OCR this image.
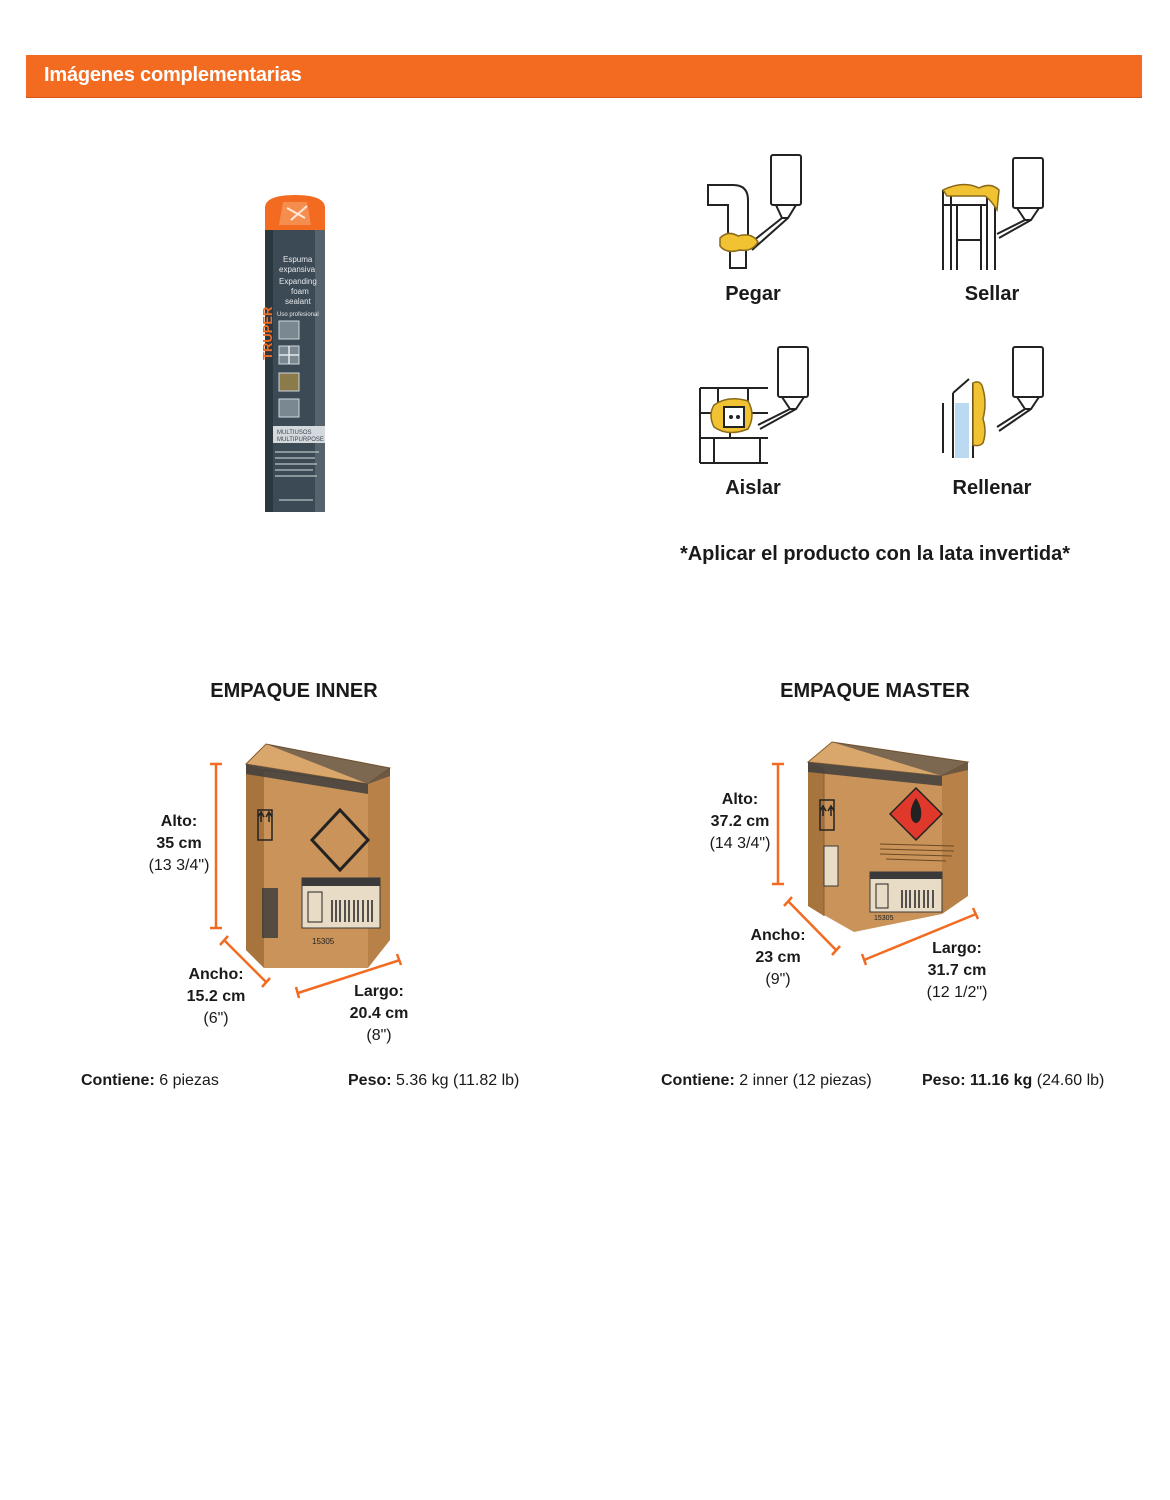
Imágenes complementarias
TRUPER
Espuma
expansiva
Expanding
foam
sealant
Uso profesional
MULTIUSOS
MULTIPURPOSE
Pegar	Sellar
Aislar	Rellenar
*Aplicar el producto con la lata invertida*
EMPAQUE INNER
15305
Alto:
35 cm
(13 3/4")
Ancho:
15.2 cm
(6")
Largo:
20.4 cm
(8")
Contiene: 6 piezas	Peso: 5.36 kg (11.82 lb)
EMPAQUE MASTER
15305
Alto:
37.2 cm
(14 3/4")
Ancho:
23 cm
(9")
Largo:
31.7 cm
(12 1/2")
Contiene: 2 inner (12 piezas)	Peso: 11.16 kg (24.60 lb)
